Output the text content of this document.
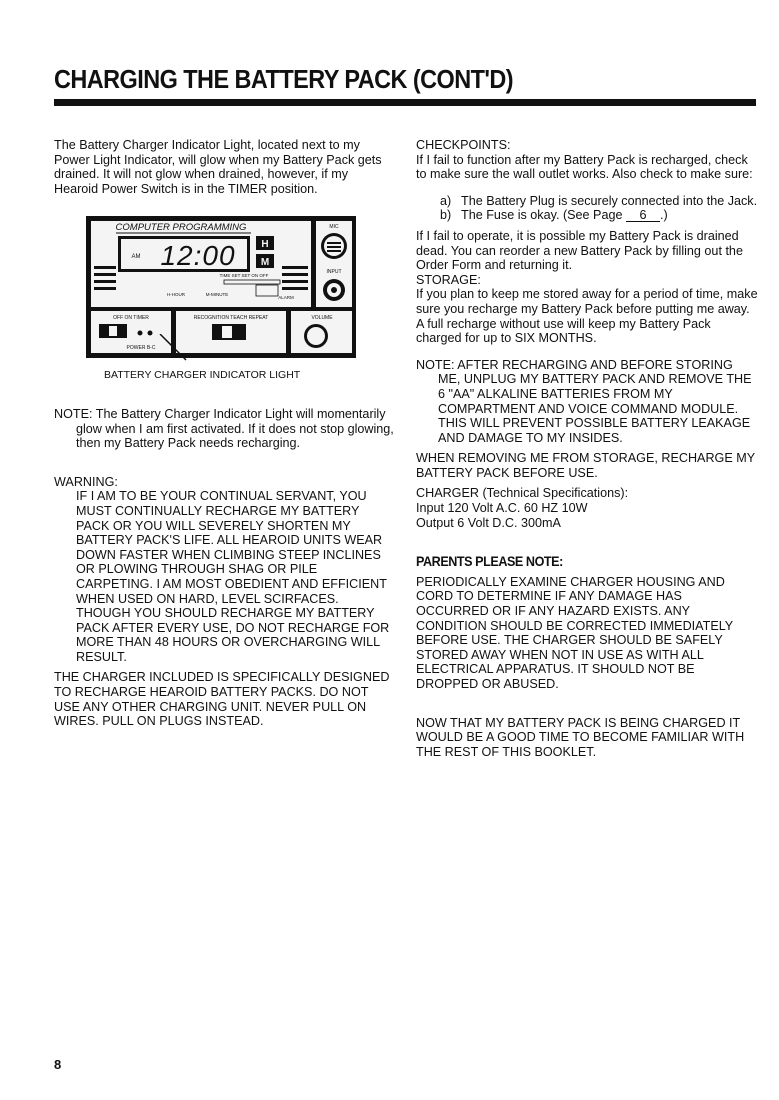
CHARGING THE BATTERY PACK (CONT'D)

The Battery Charger Indicator Light, located next to my Power Light Indicator, will glow when my Battery Pack gets drained. It will not glow when drained, however, if my Hearoid Power Switch is in the TIMER position.

COMPUTER PROGRAMMING
AM 12:00	H
M
TIME SET SET ON OFF
ALARM
H-HOUR	M-MINUTE
MIC
INPUT
OFF ON TIMER
POWER B-C
RECOGNITION TEACH REPEAT	VOLUME
BATTERY CHARGER INDICATOR LIGHT

NOTE: The Battery Charger Indicator Light will momentarily glow when I am first activated. If it does not stop glowing, then my Battery Pack needs recharging.

WARNING:

IF I AM TO BE YOUR CONTINUAL SERVANT, YOU MUST CONTINUALLY RECHARGE MY BATTERY PACK OR YOU WILL SEVERELY SHORTEN MY BATTERY PACK'S LIFE. ALL HEAROID UNITS WEAR DOWN FASTER WHEN CLIMBING STEEP INCLINES OR PLOWING THROUGH SHAG OR PILE CARPETING. I AM MOST OBEDIENT AND EFFICIENT WHEN USED ON HARD, LEVEL SCIRFACES. THOUGH YOU SHOULD RECHARGE MY BATTERY PACK AFTER EVERY USE, DO NOT RECHARGE FOR MORE THAN 48 HOURS OR OVERCHARGING WILL RESULT.

THE CHARGER INCLUDED IS SPECIFICALLY DESIGNED TO RECHARGE HEAROID BATTERY PACKS. DO NOT USE ANY OTHER CHARGING UNIT. NEVER PULL ON WIRES. PULL ON PLUGS INSTEAD.

CHECKPOINTS:

If I fail to function after my Battery Pack is recharged, check to make sure the wall outlet works. Also check to make sure:

a) The Battery Plug is securely connected into the Jack.
b) The Fuse is okay. (See Page 6 .)

If I fail to operate, it is possible my Battery Pack is drained dead. You can reorder a new Battery Pack by filling out the Order Form and returning it.

STORAGE:

If you plan to keep me stored away for a period of time, make sure you recharge my Battery Pack before putting me away. A full recharge without use will keep my Battery Pack charged for up to SIX MONTHS.

NOTE: AFTER RECHARGING AND BEFORE STORING ME, UNPLUG MY BATTERY PACK AND REMOVE THE 6 "AA" ALKALINE BATTERIES FROM MY COMPARTMENT AND VOICE COMMAND MODULE. THIS WILL PREVENT POSSIBLE BATTERY LEAKAGE AND DAMAGE TO MY INSIDES.

WHEN REMOVING ME FROM STORAGE, RECHARGE MY BATTERY PACK BEFORE USE.

CHARGER (Technical Specifications):

Input 120 Volt A.C. 60 HZ 10W

Output 6 Volt D.C. 300mA

PARENTS PLEASE NOTE:

PERIODICALLY EXAMINE CHARGER HOUSING AND CORD TO DETERMINE IF ANY DAMAGE HAS OCCURRED OR IF ANY HAZARD EXISTS. ANY CONDITION SHOULD BE CORRECTED IMMEDIATELY BEFORE USE. THE CHARGER SHOULD BE SAFELY STORED AWAY WHEN NOT IN USE AS WITH ALL ELECTRICAL APPARATUS. IT SHOULD NOT BE DROPPED OR ABUSED.

NOW THAT MY BATTERY PACK IS BEING CHARGED IT WOULD BE A GOOD TIME TO BECOME FAMILIAR WITH THE REST OF THIS BOOKLET.

8
